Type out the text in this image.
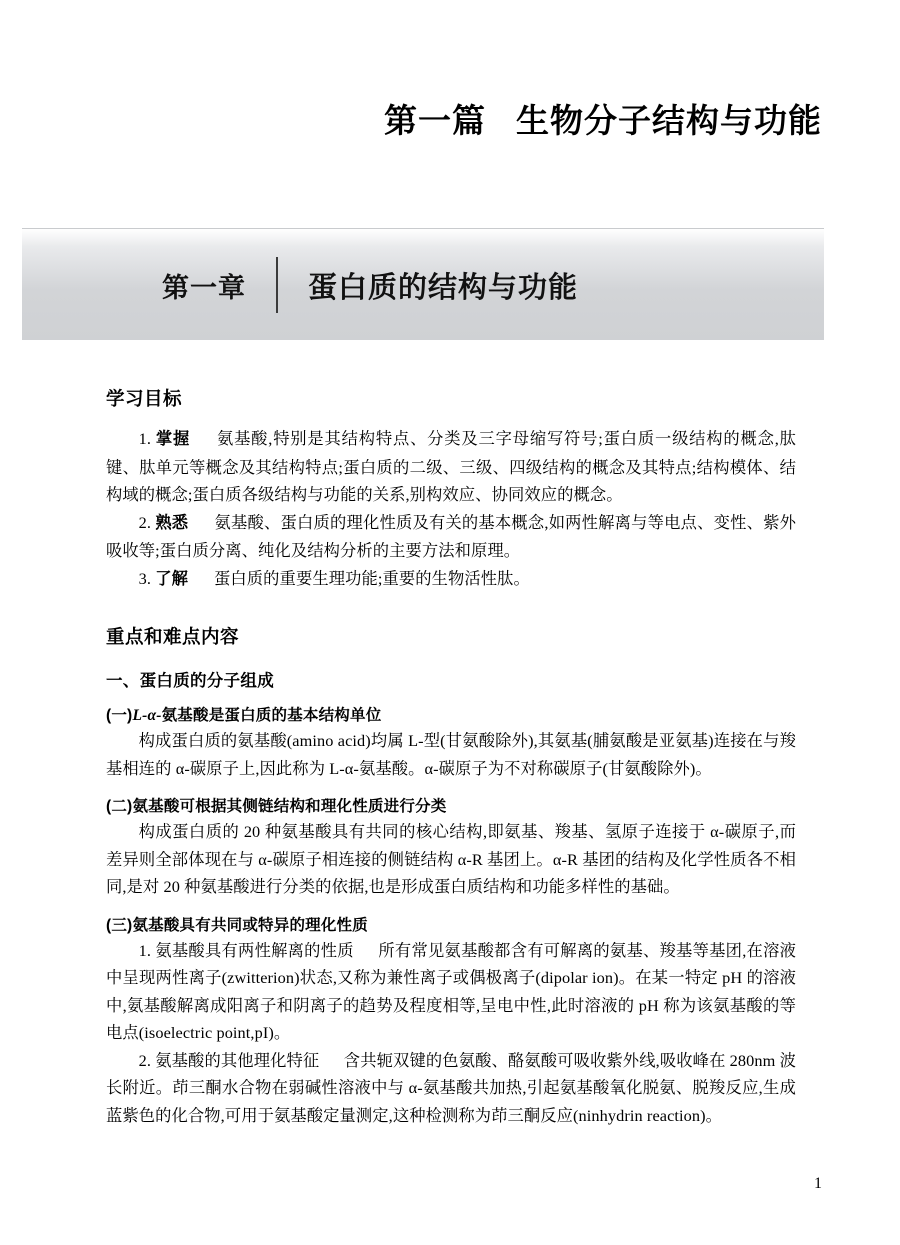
第一篇 生物分子结构与功能
第一章 蛋白质的结构与功能
学习目标

1. 掌握 氨基酸,特别是其结构特点、分类及三字母缩写符号;蛋白质一级结构的概念,肽键、肽单元等概念及其结构特点;蛋白质的二级、三级、四级结构的概念及其特点;结构模体、结构域的概念;蛋白质各级结构与功能的关系,别构效应、协同效应的概念。

2. 熟悉 氨基酸、蛋白质的理化性质及有关的基本概念,如两性解离与等电点、变性、紫外吸收等;蛋白质分离、纯化及结构分析的主要方法和原理。

3. 了解 蛋白质的重要生理功能;重要的生物活性肽。

重点和难点内容
一、蛋白质的分子组成
(一)L-α-氨基酸是蛋白质的基本结构单位

构成蛋白质的氨基酸(amino acid)均属 L-型(甘氨酸除外),其氨基(脯氨酸是亚氨基)连接在与羧基相连的 α-碳原子上,因此称为 L-α-氨基酸。α-碳原子为不对称碳原子(甘氨酸除外)。

(二)氨基酸可根据其侧链结构和理化性质进行分类

构成蛋白质的 20 种氨基酸具有共同的核心结构,即氨基、羧基、氢原子连接于 α-碳原子,而差异则全部体现在与 α-碳原子相连接的侧链结构 α-R 基团上。α-R 基团的结构及化学性质各不相同,是对 20 种氨基酸进行分类的依据,也是形成蛋白质结构和功能多样性的基础。

(三)氨基酸具有共同或特异的理化性质

1. 氨基酸具有两性解离的性质 所有常见氨基酸都含有可解离的氨基、羧基等基团,在溶液中呈现两性离子(zwitterion)状态,又称为兼性离子或偶极离子(dipolar ion)。在某一特定 pH 的溶液中,氨基酸解离成阳离子和阴离子的趋势及程度相等,呈电中性,此时溶液的 pH 称为该氨基酸的等电点(isoelectric point,pI)。

2. 氨基酸的其他理化特征 含共轭双键的色氨酸、酪氨酸可吸收紫外线,吸收峰在 280nm 波长附近。茚三酮水合物在弱碱性溶液中与 α-氨基酸共加热,引起氨基酸氧化脱氨、脱羧反应,生成蓝紫色的化合物,可用于氨基酸定量测定,这种检测称为茚三酮反应(ninhydrin reaction)。

1
